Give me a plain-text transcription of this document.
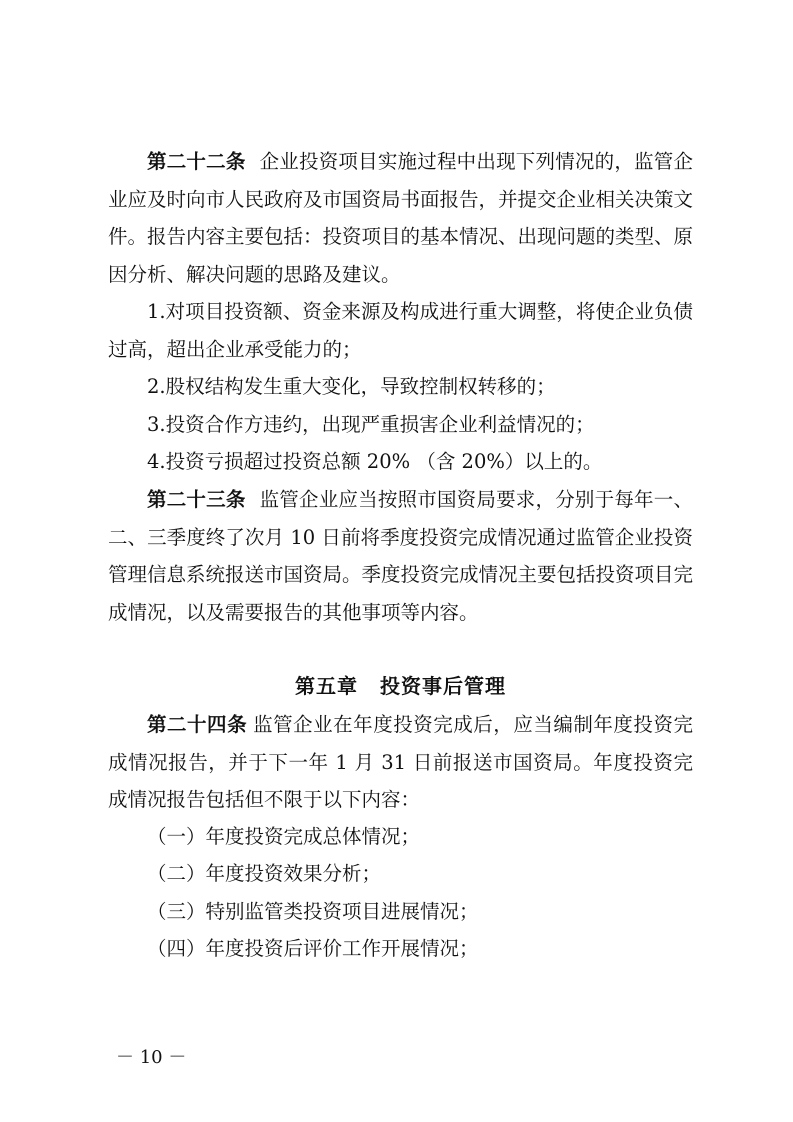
第二十二条 企业投资项目实施过程中出现下列情况的，监管企业应及时向市人民政府及市国资局书面报告，并提交企业相关决策文件。报告内容主要包括：投资项目的基本情况、出现问题的类型、原因分析、解决问题的思路及建议。

1.对项目投资额、资金来源及构成进行重大调整，将使企业负债过高，超出企业承受能力的；

2.股权结构发生重大变化，导致控制权转移的；

3.投资合作方违约，出现严重损害企业利益情况的；

4.投资亏损超过投资总额 20% （含 20%）以上的。

第二十三条 监管企业应当按照市国资局要求，分别于每年一、二、三季度终了次月 10 日前将季度投资完成情况通过监管企业投资管理信息系统报送市国资局。季度投资完成情况主要包括投资项目完成情况，以及需要报告的其他事项等内容。

第五章 投资事后管理

第二十四条 监管企业在年度投资完成后，应当编制年度投资完成情况报告，并于下一年 1 月 31 日前报送市国资局。年度投资完成情况报告包括但不限于以下内容：

（一）年度投资完成总体情况；

（二）年度投资效果分析；

（三）特别监管类投资项目进展情况；

（四）年度投资后评价工作开展情况；

－ 10 －
